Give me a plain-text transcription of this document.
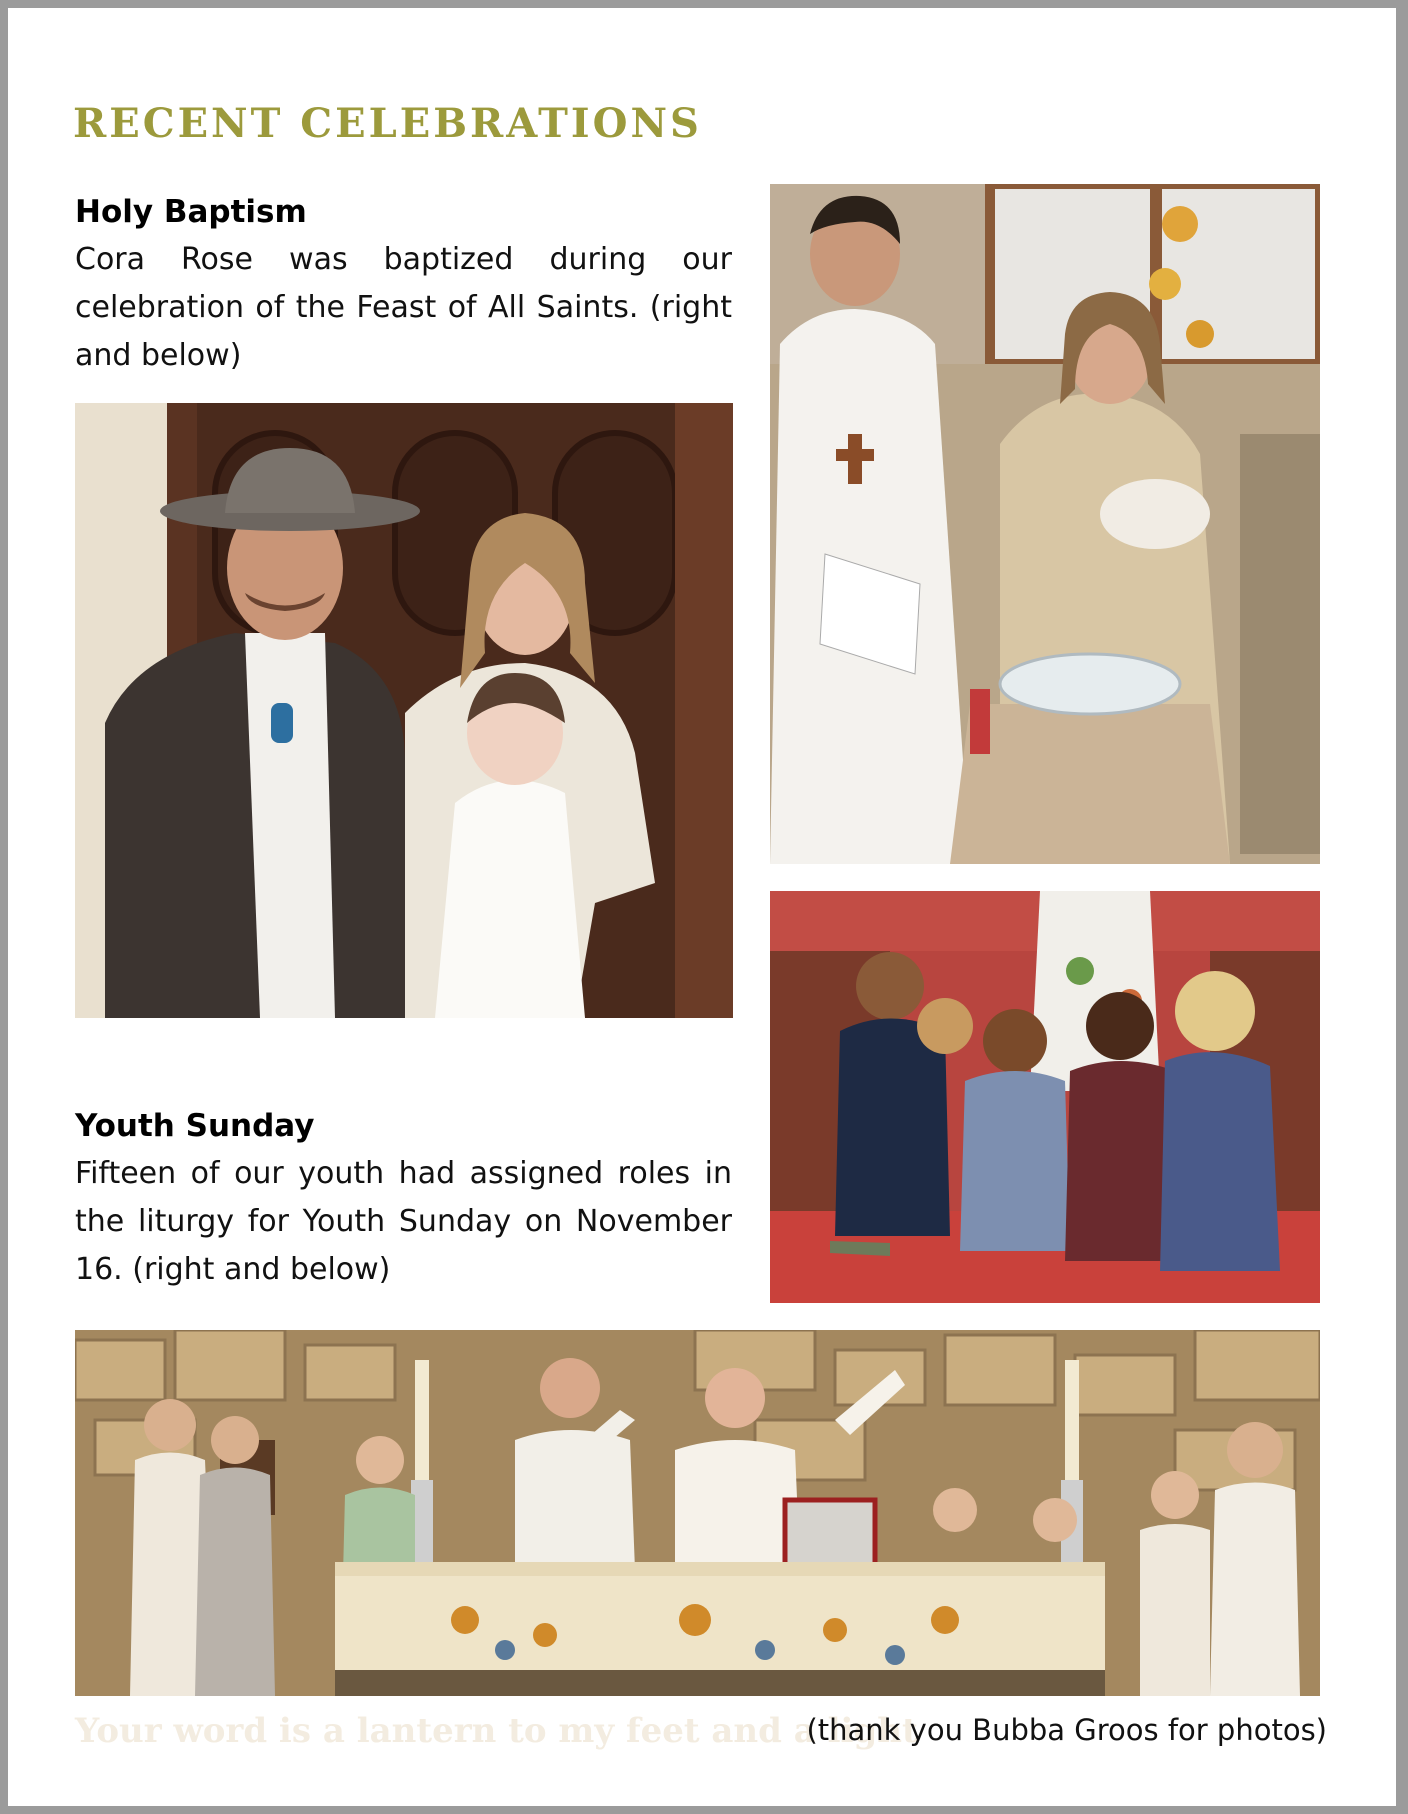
RECENT CELEBRATIONS
Holy Baptism

Cora Rose was baptized during our celebration of the Feast of All Saints. (right and below)

Youth Sunday

Fifteen of our youth had assigned roles in the liturgy for Youth Sunday on November 16. (right and below)

Your word is a lantern to my feet and a light
(thank you Bubba Groos for photos)
